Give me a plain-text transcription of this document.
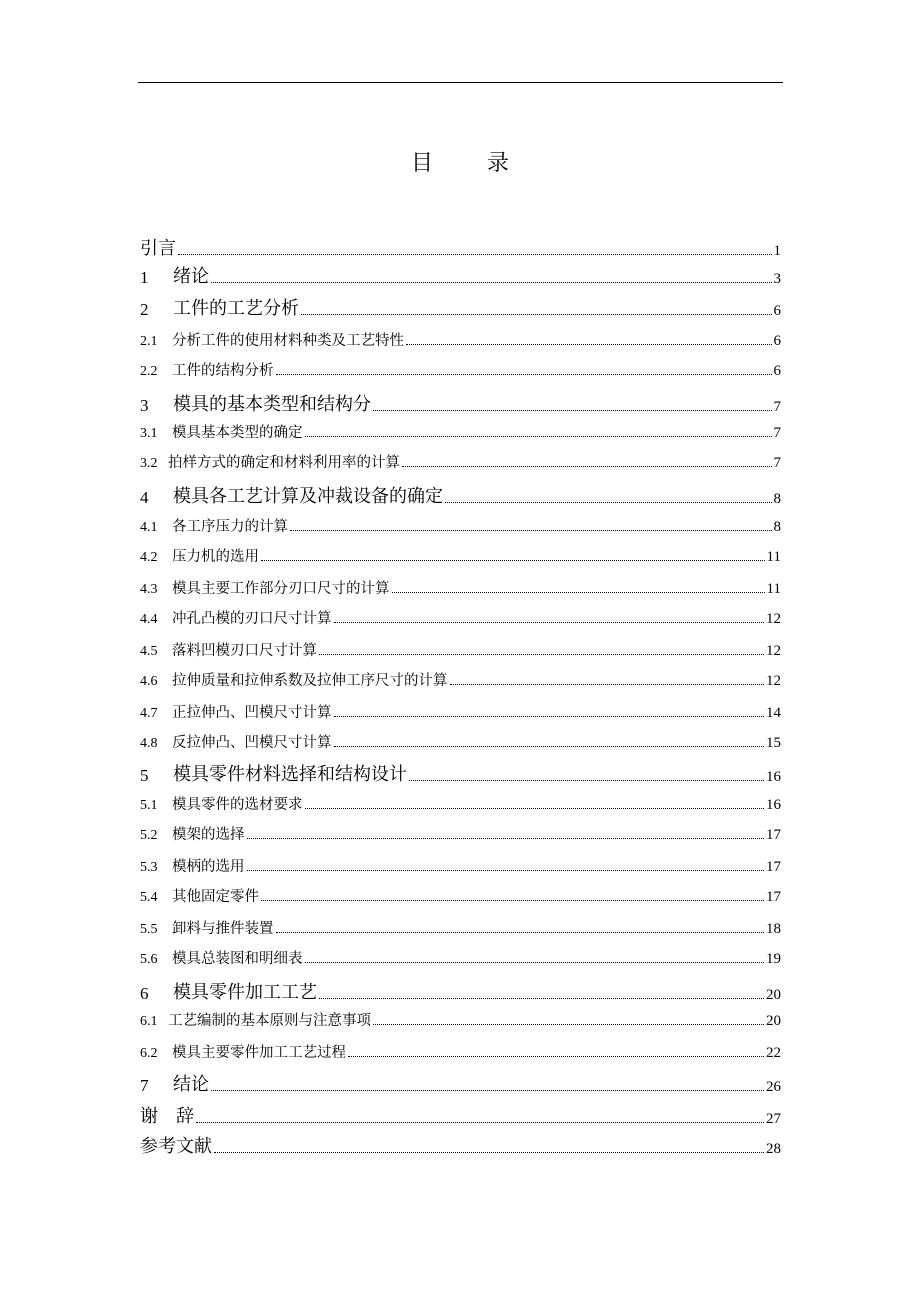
目 录
引言	1
1	绪论	3
2	工件的工艺分析	6
2.1	分析工件的使用材料种类及工艺特性	6
2.2	工件的结构分析	6
3	模具的基本类型和结构分	7
3.1	模具基本类型的确定	7
3.2 拍样方式的确定和材料利用率的计算	7
4	模具各工艺计算及冲裁设备的确定	8
4.1	各工序压力的计算	8
4.2	压力机的选用	11
4.3	模具主要工作部分刃口尺寸的计算	11
4.4	冲孔凸模的刃口尺寸计算	12
4.5	落料凹模刃口尺寸计算	12
4.6	拉伸质量和拉伸系数及拉伸工序尺寸的计算	12
4.7	正拉伸凸、凹模尺寸计算	14
4.8	反拉伸凸、凹模尺寸计算	15
5	模具零件材料选择和结构设计	16
5.1	模具零件的选材要求	16
5.2	模架的选择	17
5.3	模柄的选用	17
5.4	其他固定零件	17
5.5	卸料与推件装置	18
5.6	模具总装图和明细表	19
6	模具零件加工工艺	20
6.1 工艺编制的基本原则与注意事项	20
6.2	模具主要零件加工工艺过程	22
7	结论	26
谢　辞	27
参考文献	28
